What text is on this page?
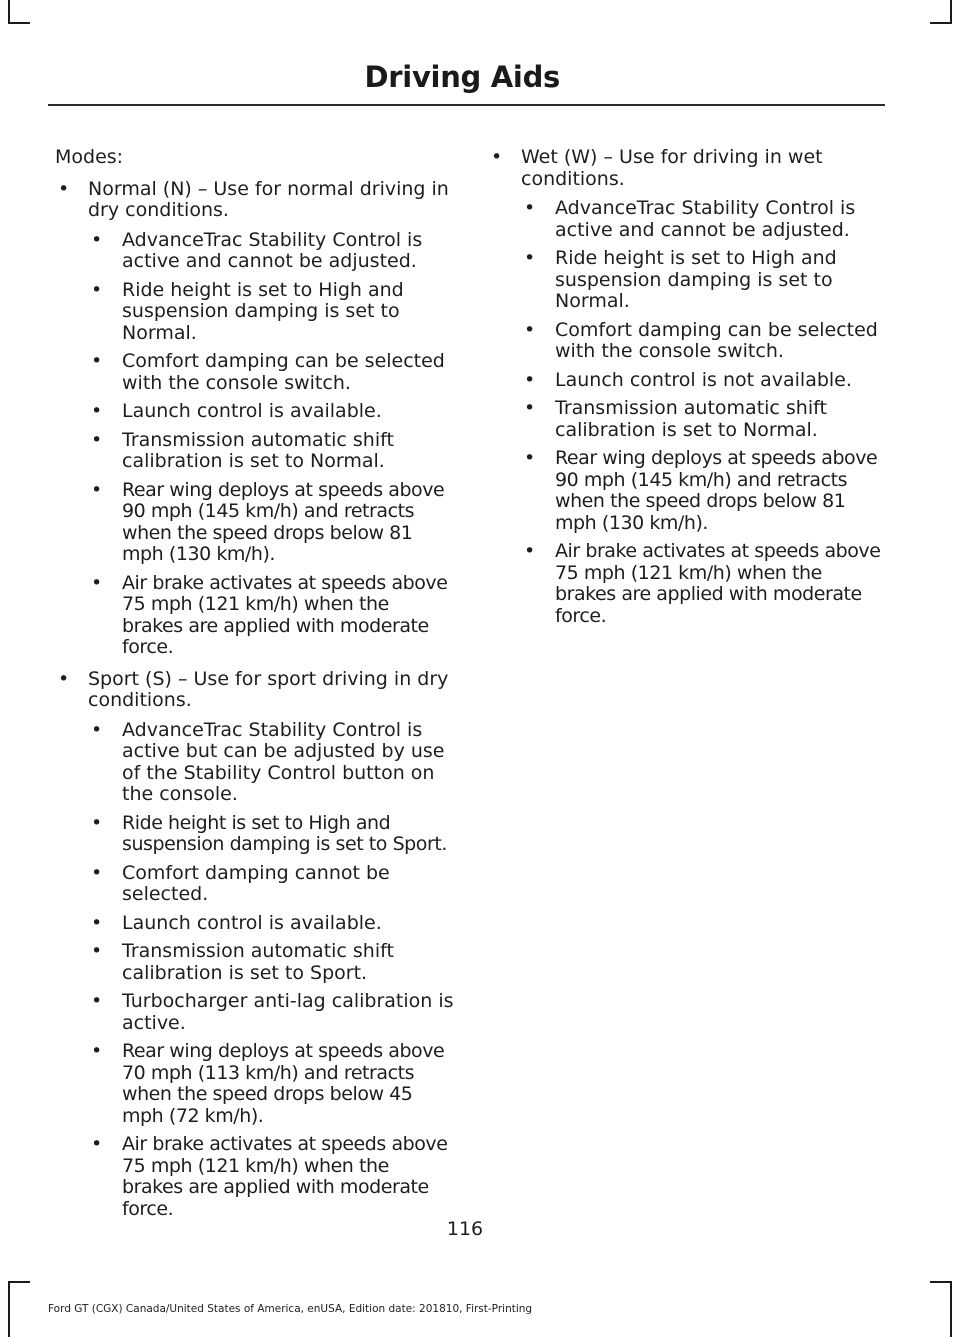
Driving Aids
Modes:
• Normal (N) – Use for normal driving in dry conditions.
• AdvanceTrac Stability Control is active and cannot be adjusted.
• Ride height is set to High and suspension damping is set to Normal.
• Comfort damping can be selected with the console switch.
• Launch control is available.
• Transmission automatic shift calibration is set to Normal.
• Rear wing deploys at speeds above 90 mph (145 km/h) and retracts when the speed drops below 81 mph (130 km/h).
• Air brake activates at speeds above 75 mph (121 km/h) when the brakes are applied with moderate force.
• Sport (S) – Use for sport driving in dry conditions.
• AdvanceTrac Stability Control is active but can be adjusted by use of the Stability Control button on the console.
• Ride height is set to High and suspension damping is set to Sport.
• Comfort damping cannot be selected.
• Launch control is available.
• Transmission automatic shift calibration is set to Sport.
• Turbocharger anti-lag calibration is active.
• Rear wing deploys at speeds above 70 mph (113 km/h) and retracts when the speed drops below 45 mph (72 km/h).
• Air brake activates at speeds above 75 mph (121 km/h) when the brakes are applied with moderate force.
• Wet (W) – Use for driving in wet conditions.
• AdvanceTrac Stability Control is active and cannot be adjusted.
• Ride height is set to High and suspension damping is set to Normal.
• Comfort damping can be selected with the console switch.
• Launch control is not available.
• Transmission automatic shift calibration is set to Normal.
• Rear wing deploys at speeds above 90 mph (145 km/h) and retracts when the speed drops below 81 mph (130 km/h).
• Air brake activates at speeds above 75 mph (121 km/h) when the brakes are applied with moderate force.
116
Ford GT (CGX) Canada/United States of America, enUSA, Edition date: 201810, First-Printing
